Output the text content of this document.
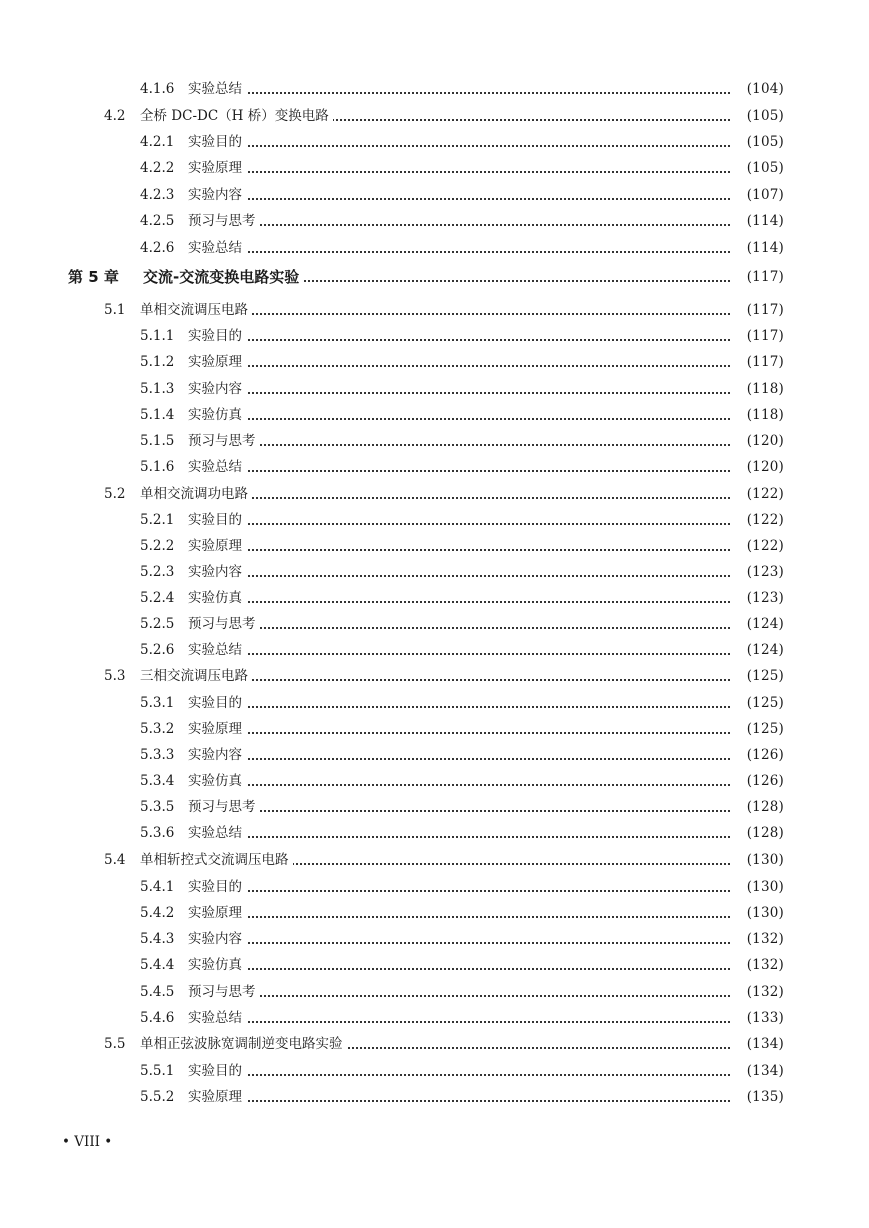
4.1.6 实验总结	(104)
4.2 全桥 DC-DC（H 桥）变换电路	(105)
4.2.1 实验目的	(105)
4.2.2 实验原理	(105)
4.2.3 实验内容	(107)
4.2.5 预习与思考	(114)
4.2.6 实验总结	(114)
第 5 章 交流-交流变换电路实验	(117)
5.1 单相交流调压电路	(117)
5.1.1 实验目的	(117)
5.1.2 实验原理	(117)
5.1.3 实验内容	(118)
5.1.4 实验仿真	(118)
5.1.5 预习与思考	(120)
5.1.6 实验总结	(120)
5.2 单相交流调功电路	(122)
5.2.1 实验目的	(122)
5.2.2 实验原理	(122)
5.2.3 实验内容	(123)
5.2.4 实验仿真	(123)
5.2.5 预习与思考	(124)
5.2.6 实验总结	(124)
5.3 三相交流调压电路	(125)
5.3.1 实验目的	(125)
5.3.2 实验原理	(125)
5.3.3 实验内容	(126)
5.3.4 实验仿真	(126)
5.3.5 预习与思考	(128)
5.3.6 实验总结	(128)
5.4 单相斩控式交流调压电路	(130)
5.4.1 实验目的	(130)
5.4.2 实验原理	(130)
5.4.3 实验内容	(132)
5.4.4 实验仿真	(132)
5.4.5 预习与思考	(132)
5.4.6 实验总结	(133)
5.5 单相正弦波脉宽调制逆变电路实验	(134)
5.5.1 实验目的	(134)
5.5.2 实验原理	(135)
• VIII •
